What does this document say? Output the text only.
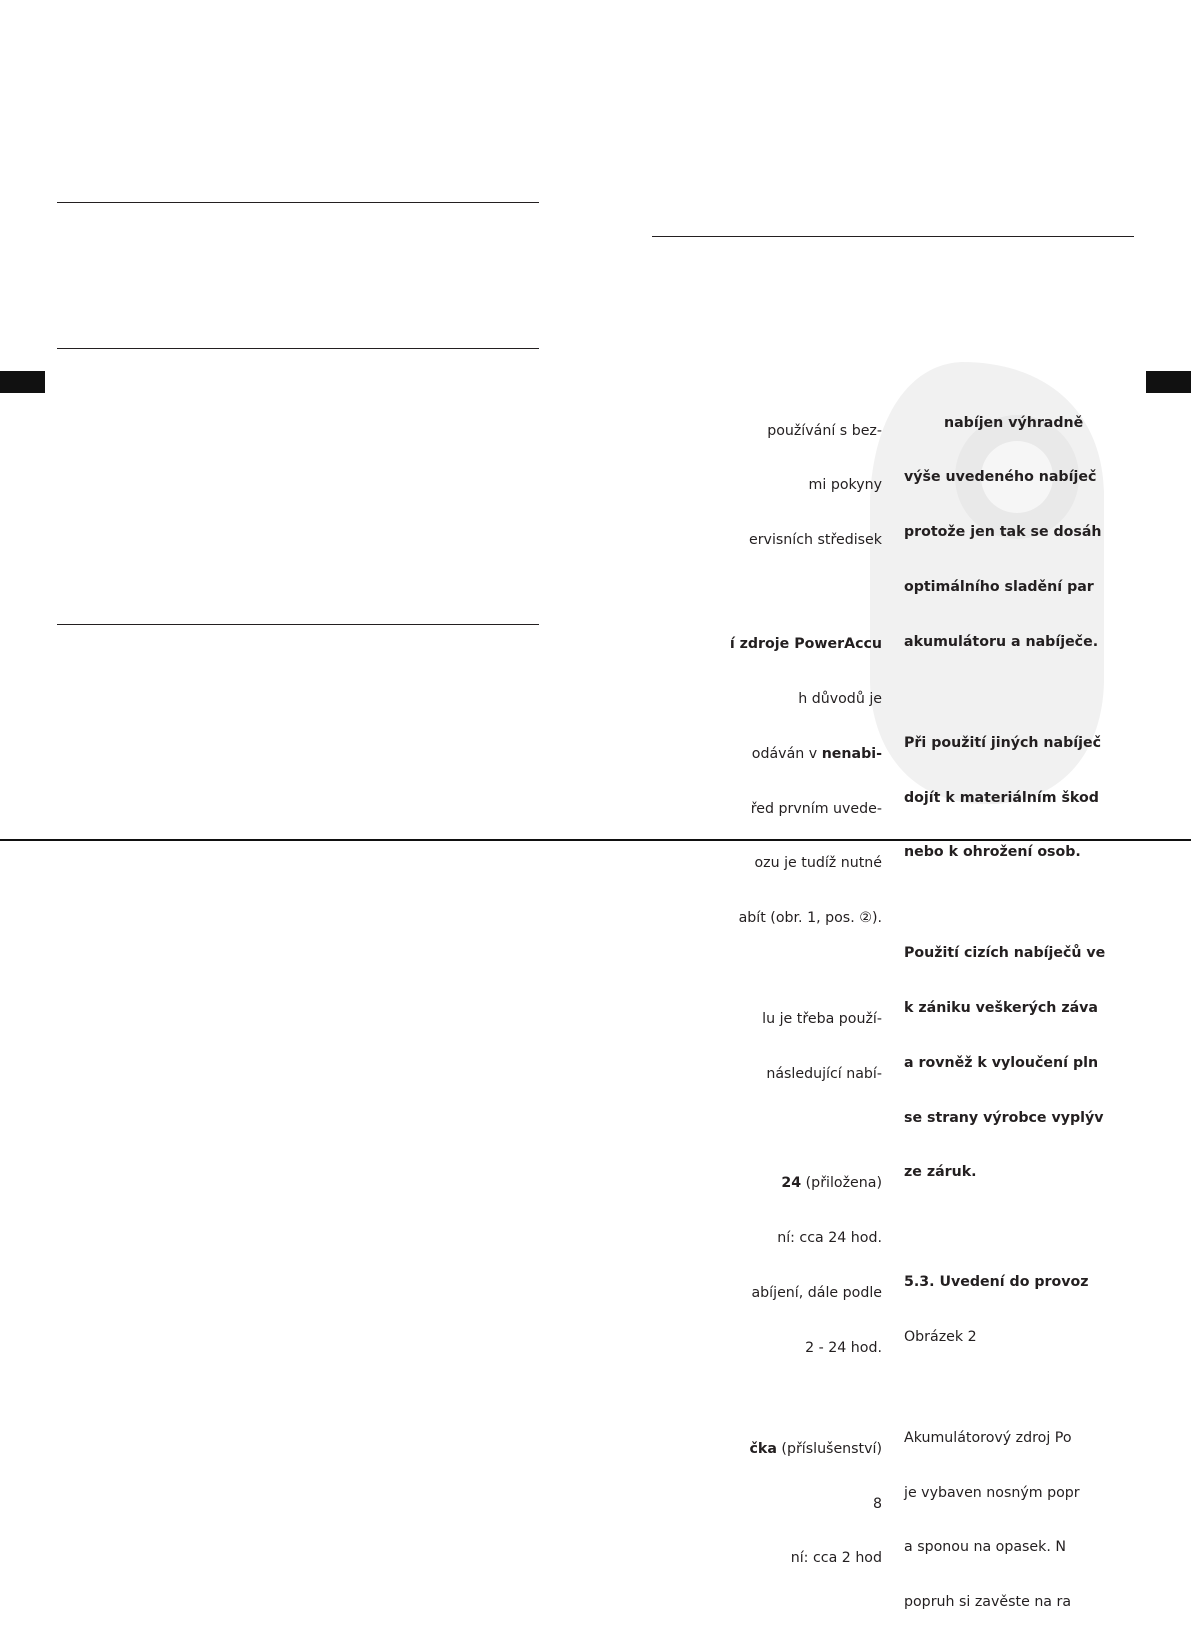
používání s bez-

mi pokyny

ervisních středisek

í zdroje PowerAccu

h důvodů je

odáván v nenabi-

řed prvním uvede-

ozu je tudíž nutné

abít (obr. 1, pos. ②).

lu je třeba použí-

následující nabí-

24 (přiložena)

ní: cca 24 hod.

abíjení, dále podle

2 - 24 hod.

čka (příslušenství)

8

ní: cca 2 hod

nabíjen výhradně

výše uvedeného nabíječ

protože jen tak se dosáh

optimálního sladění par

akumulátoru a nabíječe.

Při použití jiných nabíječ

dojít k materiálním škod

nebo k ohrožení osob.

Použití cizích nabíječů ve

k zániku veškerých záva

a rovněž k vyloučení pln

se strany výrobce vyplýv

ze záruk.

5.3. Uvedení do provoz

Obrázek 2

Akumulátorový zdroj Po

je vybaven nosným popr

a sponou na opasek. N

popruh si zavěste na ra
